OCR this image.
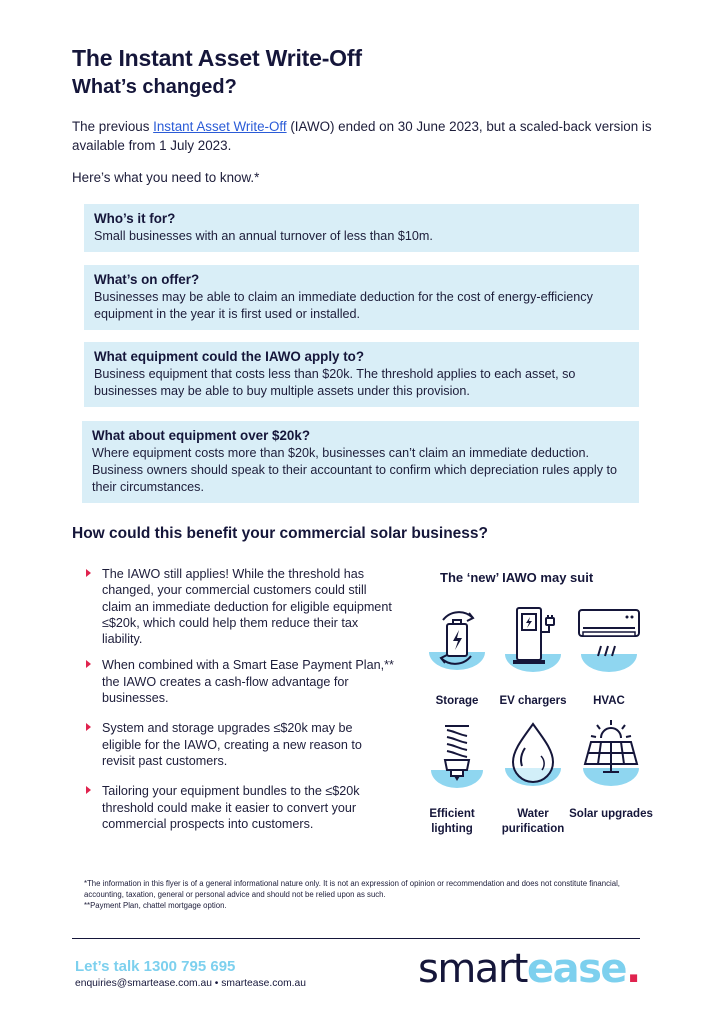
The Instant Asset Write-Off
What’s changed?

The previous Instant Asset Write-Off (IAWO) ended on 30 June 2023, but a scaled-back version is available from 1 July 2023.

Here’s what you need to know.*

Who’s it for?

Small businesses with an annual turnover of less than $10m.

What’s on offer?

Businesses may be able to claim an immediate deduction for the cost of energy-efficiency equipment in the year it is first used or installed.

What equipment could the IAWO apply to?

Business equipment that costs less than $20k. The threshold applies to each asset, so businesses may be able to buy multiple assets under this provision.

What about equipment over $20k?

Where equipment costs more than $20k, businesses can’t claim an immediate deduction. Business owners should speak to their accountant to confirm which depreciation rules apply to their circumstances.

How could this benefit your commercial solar business?
The IAWO still applies! While the threshold has changed, your commercial customers could still claim an immediate deduction for eligible equipment ≤$20k, which could help them reduce their tax liability.
When combined with a Smart Ease Payment Plan,** the IAWO creates a cash-flow advantage for businesses.
System and storage upgrades ≤$20k may be eligible for the IAWO, creating a new reason to revisit past customers.
Tailoring your equipment bundles to the ≤$20k threshold could make it easier to convert your commercial prospects into customers.
The ‘new’ IAWO may suit
Storage	EV chargers	HVAC
Efficient lighting
Water purification
Solar upgrades
*The information in this flyer is of a general informational nature only. It is not an expression of opinion or recommendation and does not constitute financial, accounting, taxation, general or personal advice and should not be relied upon as such.
**Payment Plan, chattel mortgage option.
Let’s talk 1300 795 695
enquiries@smartease.com.au • smartease.com.au	smartease.
